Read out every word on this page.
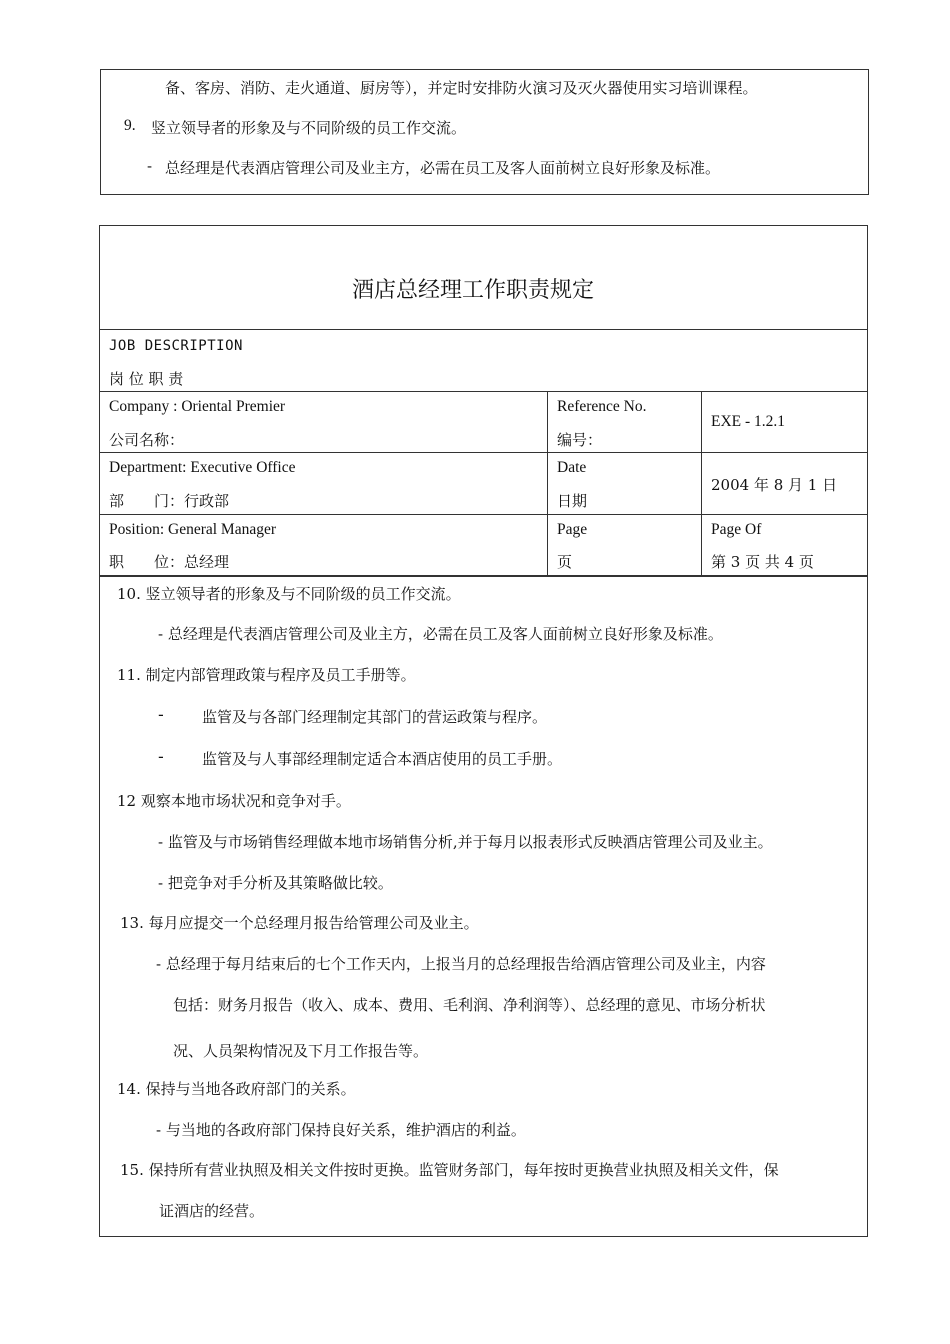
备、客房、消防、走火通道、厨房等），并定时安排防火演习及灭火器使用实习培训课程。
9. 竖立领导者的形象及与不同阶级的员工作交流。
- 总经理是代表酒店管理公司及业主方，必需在员工及客人面前树立良好形象及标准。
酒店总经理工作职责规定
JOB DESCRIPTION
岗 位 职 责
Company : Oriental Premier
公司名称：
Reference No.
编号：
EXE - 1.2.1
Department: Executive Office
部　　门：行政部
Date
日期
2004 年 8 月 1 日
Position: General Manager
职　　位：总经理
Page
页
Page Of
第 3 页 共 4 页
10. 竖立领导者的形象及与不同阶级的员工作交流。
- 总经理是代表酒店管理公司及业主方，必需在员工及客人面前树立良好形象及标准。
11. 制定内部管理政策与程序及员工手册等。
-	监管及与各部门经理制定其部门的营运政策与程序。
-	监管及与人事部经理制定适合本酒店使用的员工手册。
12 观察本地市场状况和竞争对手。
- 监管及与市场销售经理做本地市场销售分析,并于每月以报表形式反映酒店管理公司及业主。
- 把竞争对手分析及其策略做比较。
13. 每月应提交一个总经理月报告给管理公司及业主。
- 总经理于每月结束后的七个工作天内，上报当月的总经理报告给酒店管理公司及业主，内容
包括：财务月报告（收入、成本、费用、毛利润、净利润等）、总经理的意见、市场分析状
况、人员架构情况及下月工作报告等。
14. 保持与当地各政府部门的关系。
- 与当地的各政府部门保持良好关系，维护酒店的利益。
15. 保持所有营业执照及相关文件按时更换。监管财务部门，每年按时更换营业执照及相关文件，保
证酒店的经营。
